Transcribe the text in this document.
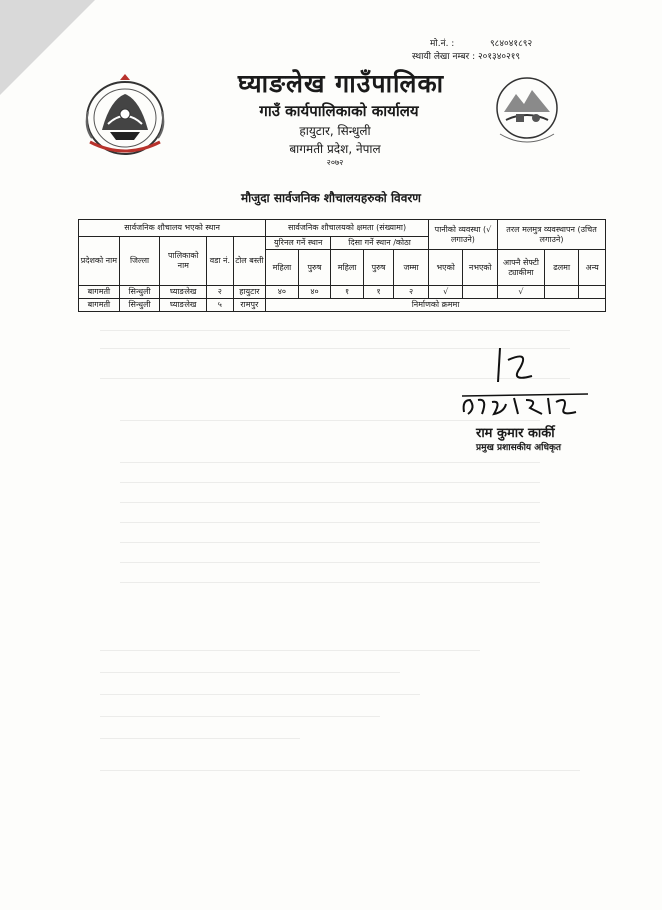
मो.नं. :	९८४०४१८९२
स्थायी लेखा नम्बर : २०१३४०२१९
घ्याङलेख गाउँपालिका
गाउँ कार्यपालिकाको कार्यालय
हायुटार, सिन्धुली
बागमती प्रदेश, नेपाल
२०७२
मौजुदा सार्वजनिक शौचालयहरुको विवरण
सार्वजनिक शौचालय भएको स्थान					सार्वजनिक शौचालयको क्षमता (संख्यामा)					पानीको व्यवस्था (√ लगाउने)		तरल मलमुत्र व्यवस्थापन (उचित लगाउने)		
प्रदेशको नाम	जिल्ला	पालिकाको नाम	वडा नं.	टोल बस्ती	युरिनल गर्ने स्थान		दिसा गर्ने स्थान /कोठा							
					महिला	पुरुष	महिला	पुरुष	जम्मा	भएको	नभएको	आफ्नै सेफ्टी ट्याकीमा	ढलमा	अन्य
बागमती	सिन्धुली	घ्याङलेख	२	हायुटार	४०	४०	१	१	२	√		√		
बागमती	सिन्धुली	घ्याङलेख	५	रामपुर	निर्माणको क्रममा									
राम कुमार कार्की
प्रमुख प्रशासकीय अधिकृत
